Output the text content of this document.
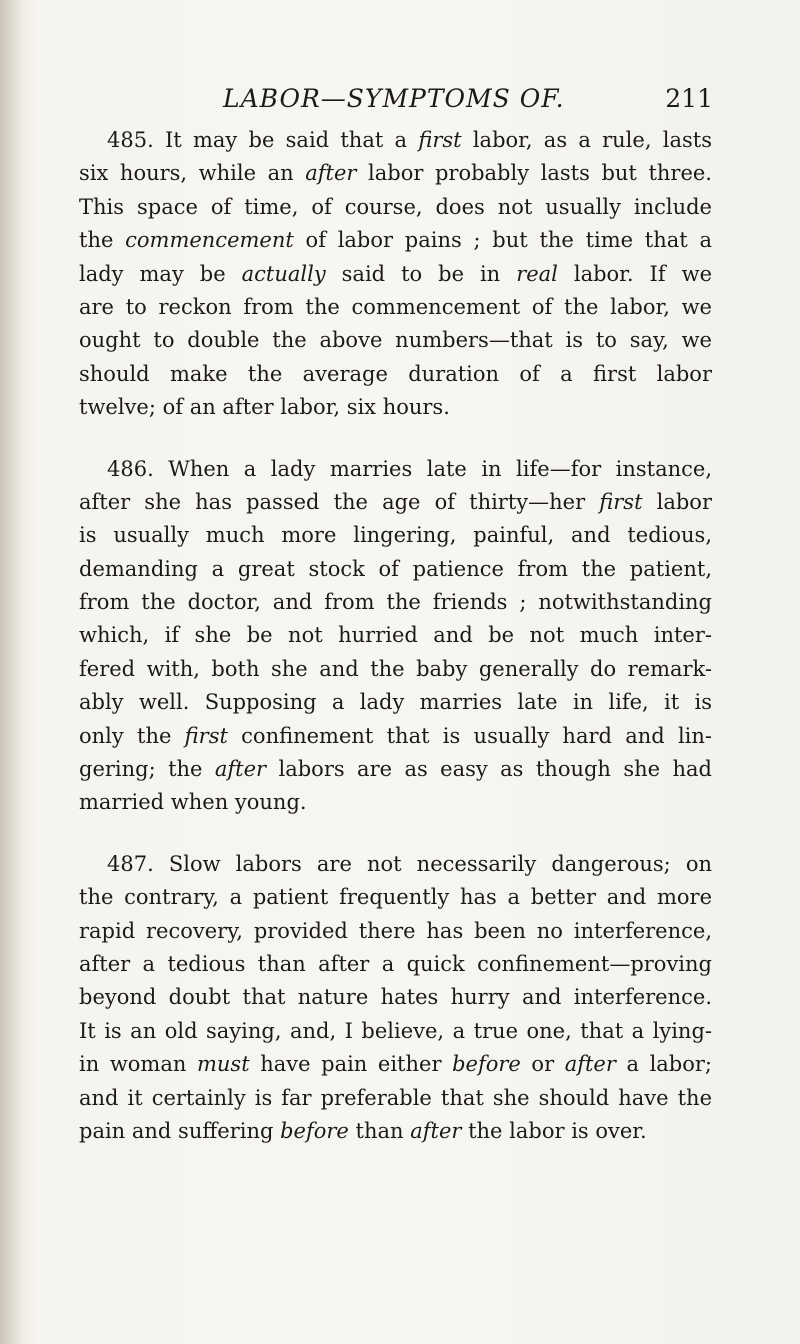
LABOR—SYMPTOMS OF.	211
485. It may be said that a first labor, as a rule, lasts
six hours, while an after labor probably lasts but three.
This space of time, of course, does not usually include
the commencement of labor pains ; but the time that a
lady may be actually said to be in real labor. If we
are to reckon from the commencement of the labor, we
ought to double the above numbers—that is to say, we
should make the average duration of a first labor
twelve; of an after labor, six hours.
486. When a lady marries late in life—for instance,
after she has passed the age of thirty—her first labor
is usually much more lingering, painful, and tedious,
demanding a great stock of patience from the patient,
from the doctor, and from the friends ; notwithstanding
which, if she be not hurried and be not much inter-
fered with, both she and the baby generally do remark-
ably well. Supposing a lady marries late in life, it is
only the first confinement that is usually hard and lin-
gering; the after labors are as easy as though she had
married when young.
487. Slow labors are not necessarily dangerous; on
the contrary, a patient frequently has a better and more
rapid recovery, provided there has been no interference,
after a tedious than after a quick confinement—proving
beyond doubt that nature hates hurry and interference.
It is an old saying, and, I believe, a true one, that a lying-
in woman must have pain either before or after a labor;
and it certainly is far preferable that she should have the
pain and suffering before than after the labor is over.
